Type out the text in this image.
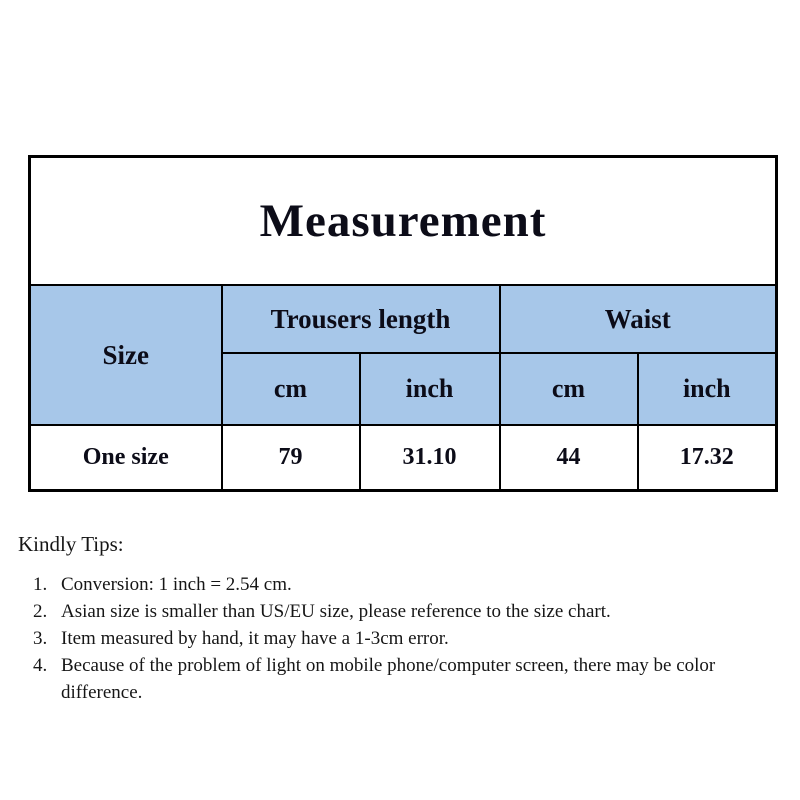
Measurement				
Size	Trousers length		Waist	
	cm	inch	cm	inch
One size	79	31.10	44	17.32
Kindly Tips:
1. Conversion: 1 inch = 2.54 cm.
2. Asian size is smaller than US/EU size, please reference to the size chart.
3. Item measured by hand, it may have a 1-3cm error.
4. Because of the problem of light on mobile phone/computer screen, there may be color difference.
